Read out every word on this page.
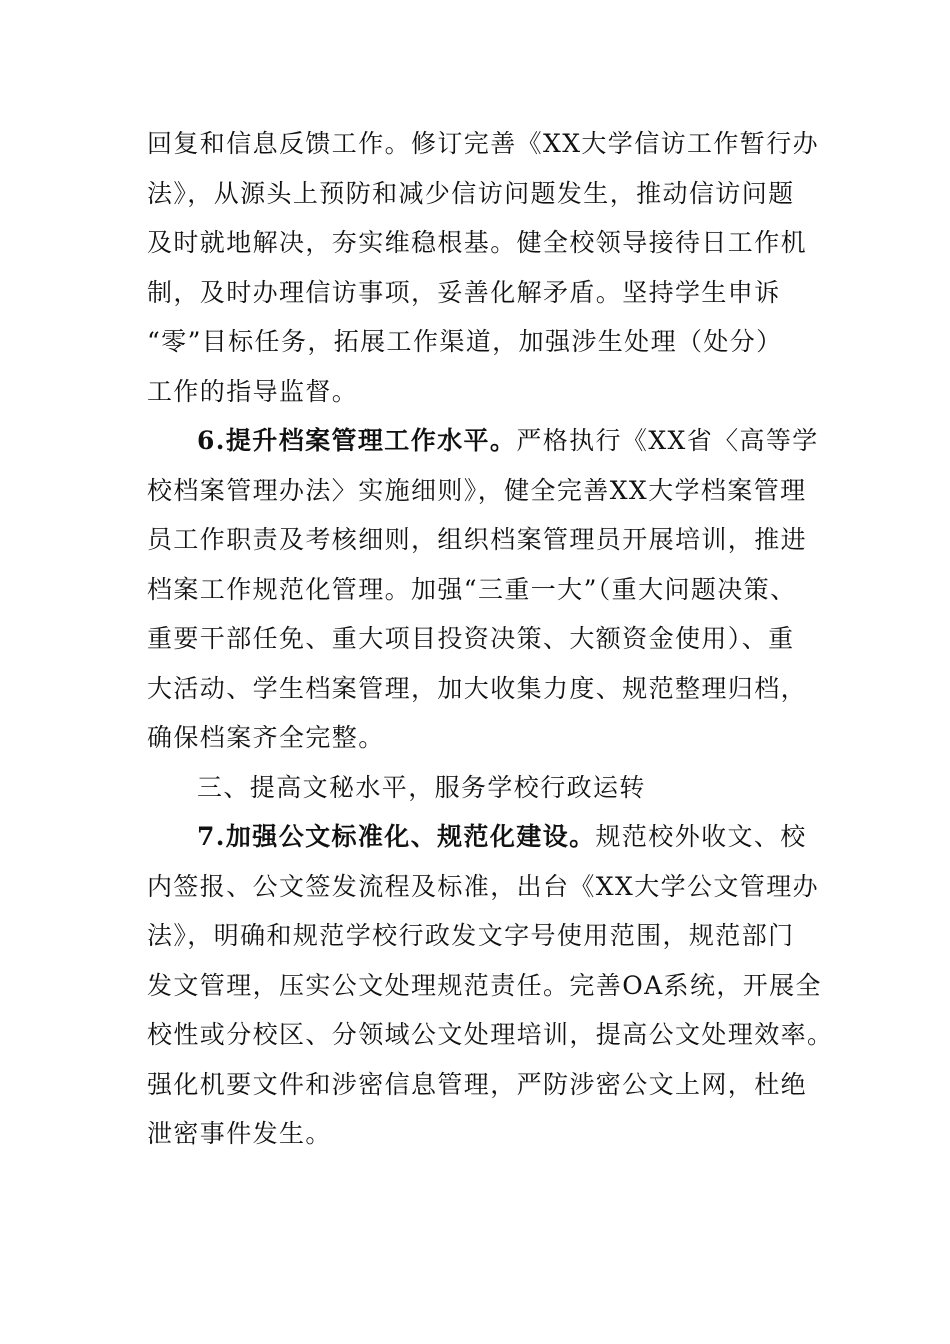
回复和信息反馈工作。修订完善《XX大学信访工作暂行办
法》，从源头上预防和减少信访问题发生，推动信访问题
及时就地解决，夯实维稳根基。健全校领导接待日工作机
制，及时办理信访事项，妥善化解矛盾。坚持学生申诉
“零”目标任务，拓展工作渠道，加强涉生处理（处分）
工作的指导监督。
6.提升档案管理工作水平。严格执行《XX省〈高等学
校档案管理办法〉实施细则》，健全完善XX大学档案管理
员工作职责及考核细则，组织档案管理员开展培训，推进
档案工作规范化管理。加强“三重一大”（重大问题决策、
重要干部任免、重大项目投资决策、大额资金使用）、重
大活动、学生档案管理，加大收集力度、规范整理归档，
确保档案齐全完整。
三、提高文秘水平，服务学校行政运转
7.加强公文标准化、规范化建设。规范校外收文、校
内签报、公文签发流程及标准，出台《XX大学公文管理办
法》，明确和规范学校行政发文字号使用范围，规范部门
发文管理，压实公文处理规范责任。完善OA系统，开展全
校性或分校区、分领域公文处理培训，提高公文处理效率。
强化机要文件和涉密信息管理，严防涉密公文上网，杜绝
泄密事件发生。
